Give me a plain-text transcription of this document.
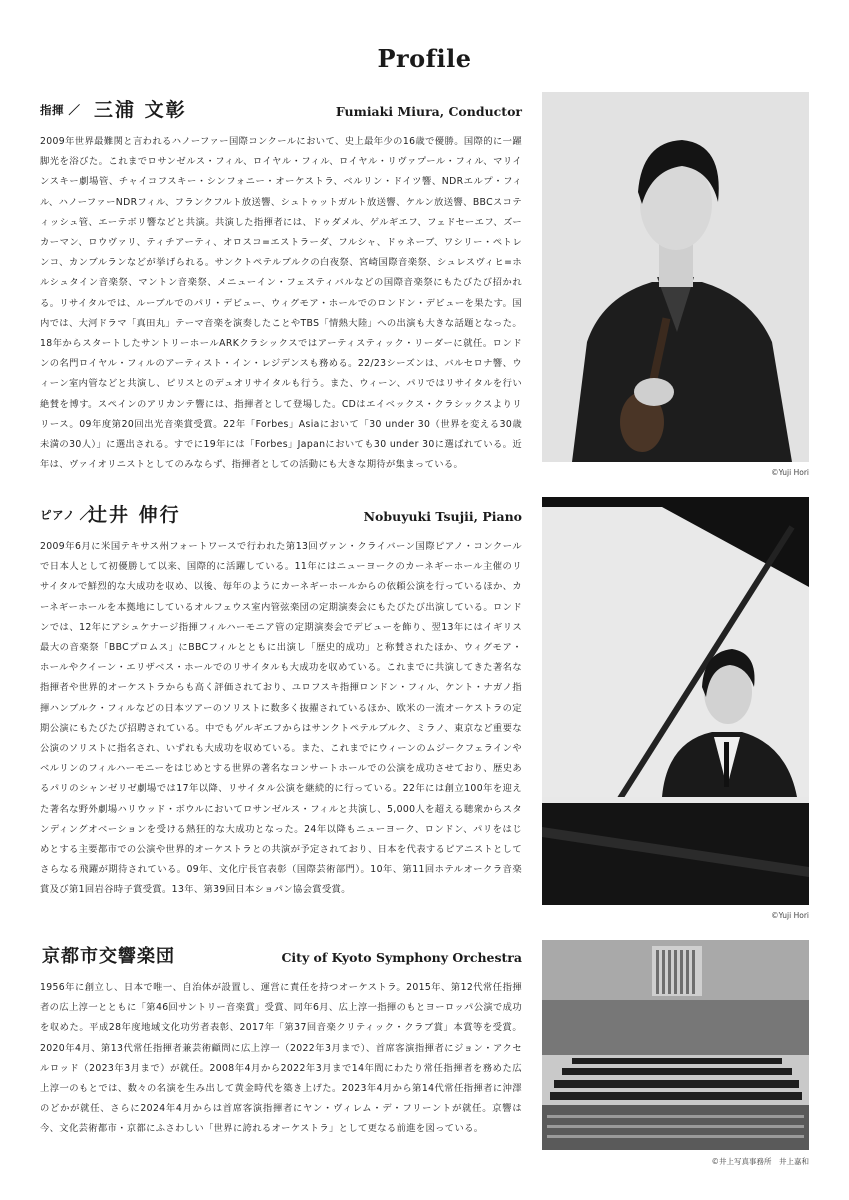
Profile
指揮 ／ 三浦 文彰	Fumiaki Miura, Conductor

2009年世界最難関と言われるハノーファー国際コンクールにおいて、史上最年少の16歳で優勝。国際的に一躍脚光を浴びた。これまでロサンゼルス・フィル、ロイヤル・フィル、ロイヤル・リヴァプール・フィル、マリインスキー劇場管、チャイコフスキー・シンフォニー・オーケストラ、ベルリン・ドイツ響、NDRエルプ・フィル、ハノーファーNDRフィル、フランクフルト放送響、シュトゥットガルト放送響、ケルン放送響、BBCスコティッシュ管、エーテボリ響などと共演。共演した指揮者には、ドゥダメル、ゲルギエフ、フェドセーエフ、ズーカーマン、ロウヴァリ、ティチアーティ、オロスコ=エストラーダ、フルシャ、ドゥネーブ、ワシリー・ペトレンコ、カンブルランなどが挙げられる。サンクトペテルブルクの白夜祭、宮崎国際音楽祭、シュレスヴィヒ=ホルシュタイン音楽祭、マントン音楽祭、メニューイン・フェスティバルなどの国際音楽祭にもたびたび招かれる。リサイタルでは、ルーブルでのパリ・デビュー、ウィグモア・ホールでのロンドン・デビューを果たす。国内では、大河ドラマ「真田丸」テーマ音楽を演奏したことやTBS「情熱大陸」への出演も大きな話題となった。18年からスタートしたサントリーホールARKクラシックスではアーティスティック・リーダーに就任。ロンドンの名門ロイヤル・フィルのアーティスト・イン・レジデンスも務める。22/23シーズンは、バルセロナ響、ウィーン室内管などと共演し、ピリスとのデュオリサイタルも行う。また、ウィーン、パリではリサイタルを行い絶賛を博す。スペインのアリカンテ響には、指揮者として登場した。CDはエイベックス・クラシックスよりリリース。09年度第20回出光音楽賞受賞。22年「Forbes」Asiaにおいて「30 under 30（世界を変える30歳未満の30人）」に選出される。すでに19年には「Forbes」Japanにおいても30 under 30に選ばれている。近年は、ヴァイオリニストとしてのみならず、指揮者としての活動にも大きな期待が集まっている。

©Yuji Hori
ピアノ ／
辻井 伸行	Nobuyuki Tsujii, Piano

2009年6月に米国テキサス州フォートワースで行われた第13回ヴァン・クライバーン国際ピアノ・コンクールで日本人として初優勝して以来、国際的に活躍している。11年にはニューヨークのカーネギーホール主催のリサイタルで鮮烈的な大成功を収め、以後、毎年のようにカーネギーホールからの依頼公演を行っているほか、カーネギーホールを本拠地にしているオルフェウス室内管弦楽団の定期演奏会にもたびたび出演している。ロンドンでは、12年にアシュケナージ指揮フィルハーモニア管の定期演奏会でデビューを飾り、翌13年にはイギリス最大の音楽祭「BBCプロムス」にBBCフィルとともに出演し「歴史的成功」と称賛されたほか、ウィグモア・ホールやクイーン・エリザベス・ホールでのリサイタルも大成功を収めている。これまでに共演してきた著名な指揮者や世界的オーケストラからも高く評価されており、ユロフスキ指揮ロンドン・フィル、ケント・ナガノ指揮ハンブルク・フィルなどの日本ツアーのソリストに数多く抜擢されているほか、欧米の一流オーケストラの定期公演にもたびたび招聘されている。中でもゲルギエフからはサンクトペテルブルク、ミラノ、東京など重要な公演のソリストに指名され、いずれも大成功を収めている。また、これまでにウィーンのムジークフェラインやベルリンのフィルハーモニーをはじめとする世界の著名なコンサートホールでの公演を成功させており、歴史あるパリのシャンゼリゼ劇場では17年以降、リサイタル公演を継続的に行っている。22年には創立100年を迎えた著名な野外劇場ハリウッド・ボウルにおいてロサンゼルス・フィルと共演し、5,000人を超える聴衆からスタンディングオベーションを受ける熱狂的な大成功となった。24年以降もニューヨーク、ロンドン、パリをはじめとする主要都市での公演や世界的オーケストラとの共演が予定されており、日本を代表するピアニストとしてさらなる飛躍が期待されている。09年、文化庁長官表彰（国際芸術部門）。10年、第11回ホテルオークラ音楽賞及び第1回岩谷時子賞受賞。13年、第39回日本ショパン協会賞受賞。

©Yuji Hori
京都市交響楽団	City of Kyoto Symphony Orchestra

1956年に創立し、日本で唯一、自治体が設置し、運営に責任を持つオーケストラ。2015年、第12代常任指揮者の広上淳一とともに「第46回サントリー音楽賞」受賞、同年6月、広上淳一指揮のもとヨーロッパ公演で成功を収めた。平成28年度地域文化功労者表彰、2017年「第37回音楽クリティック・クラブ賞」本賞等を受賞。2020年4月、第13代常任指揮者兼芸術顧問に広上淳一（2022年3月まで）、首席客演指揮者にジョン・アクセルロッド（2023年3月まで）が就任。2008年4月から2022年3月まで14年間にわたり常任指揮者を務めた広上淳一のもとでは、数々の名演を生み出して黄金時代を築き上げた。2023年4月から第14代常任指揮者に沖澤のどかが就任、さらに2024年4月からは首席客演指揮者にヤン・ヴィレム・デ・フリーントが就任。京響は今、文化芸術都市・京都にふさわしい「世界に誇れるオーケストラ」として更なる前進を図っている。

©井上写真事務所　井上嘉和
